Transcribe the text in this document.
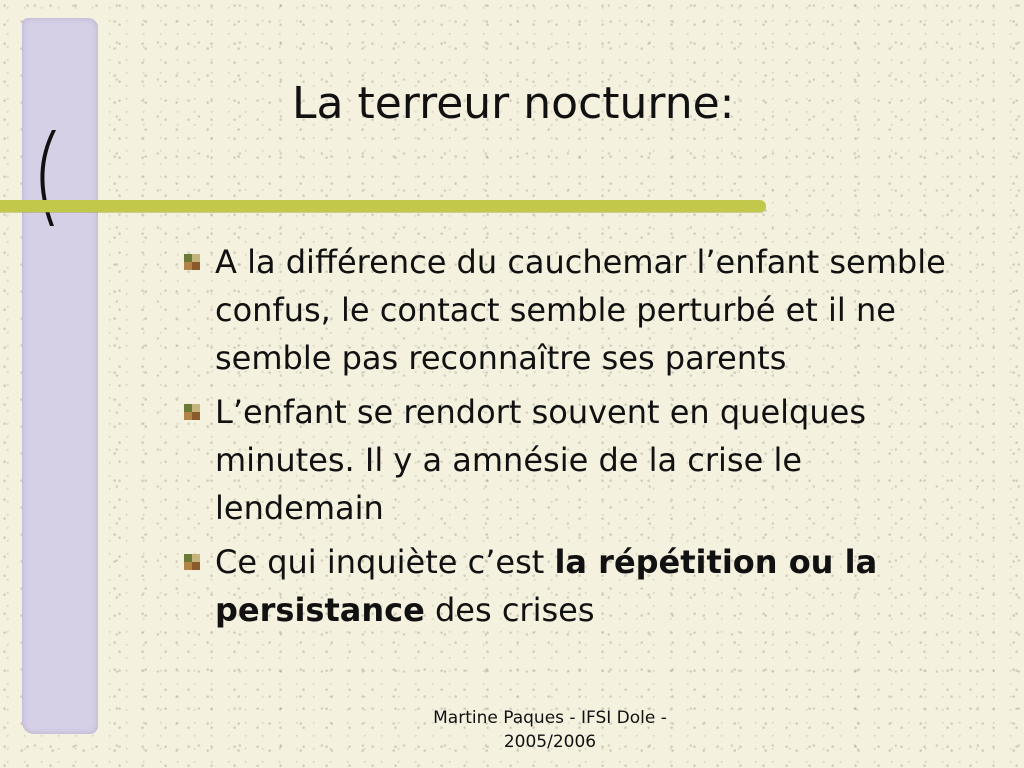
La terreur nocturne:
A la différence du cauchemar l’enfant semble confus, le contact semble perturbé et il ne semble pas reconnaître ses parents
L’enfant se rendort souvent en quelques minutes. Il y a amnésie de la crise le lendemain
Ce qui inquiète c’est la répétition ou la persistance des crises
Martine Paques - IFSI Dole -
2005/2006
